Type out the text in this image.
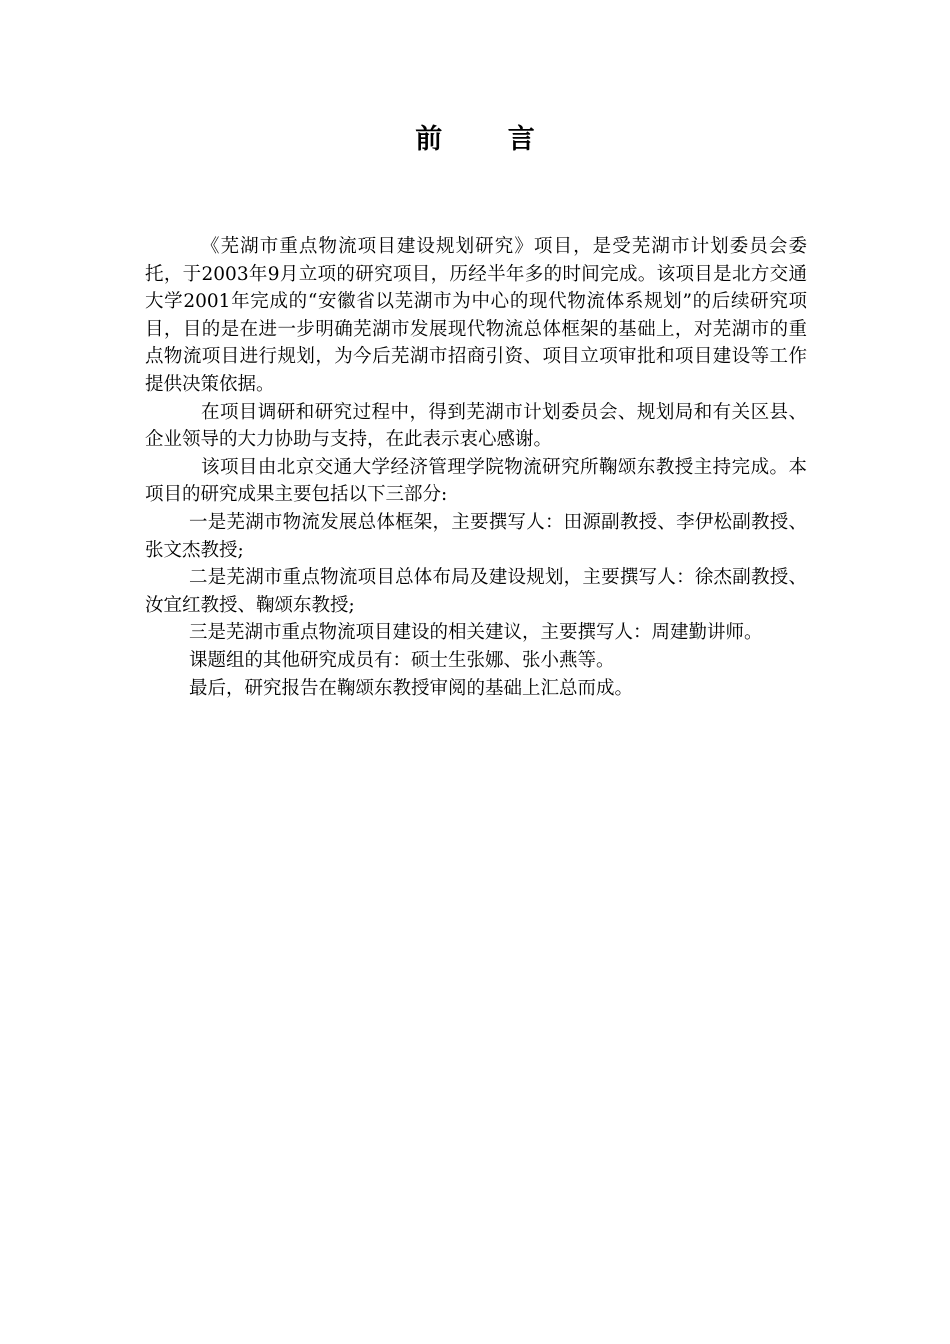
前 言

《芜湖市重点物流项目建设规划研究》项目，是受芜湖市计划委员会委托，于2003年9月立项的研究项目，历经半年多的时间完成。该项目是北方交通大学2001年完成的“安徽省以芜湖市为中心的现代物流体系规划”的后续研究项目，目的是在进一步明确芜湖市发展现代物流总体框架的基础上，对芜湖市的重点物流项目进行规划，为今后芜湖市招商引资、项目立项审批和项目建设等工作提供决策依据。

在项目调研和研究过程中，得到芜湖市计划委员会、规划局和有关区县、企业领导的大力协助与支持，在此表示衷心感谢。

该项目由北京交通大学经济管理学院物流研究所鞠颂东教授主持完成。本项目的研究成果主要包括以下三部分:

一是芜湖市物流发展总体框架，主要撰写人：田源副教授、李伊松副教授、张文杰教授;

二是芜湖市重点物流项目总体布局及建设规划，主要撰写人：徐杰副教授、汝宜红教授、鞠颂东教授;

三是芜湖市重点物流项目建设的相关建议，主要撰写人：周建勤讲师。

课题组的其他研究成员有：硕士生张娜、张小燕等。

最后，研究报告在鞠颂东教授审阅的基础上汇总而成。
